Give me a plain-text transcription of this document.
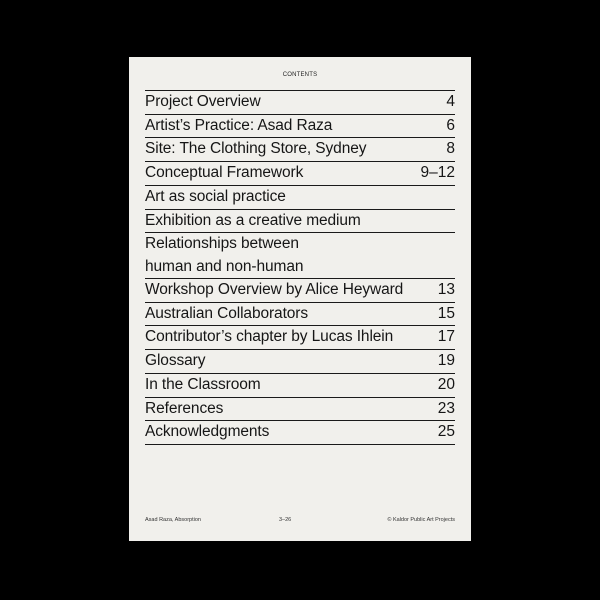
CONTENTS
Project Overview	4
Artist’s Practice: Asad Raza	6
Site: The Clothing Store, Sydney	8
Conceptual Framework	9–12
Art as social practice
Exhibition as a creative medium
Relationships between human and non-human
Workshop Overview by Alice Heyward	13
Australian Collaborators	15
Contributor’s chapter by Lucas Ihlein	17
Glossary	19
In the Classroom	20
References	23
Acknowledgments	25
Asad Raza, Absorption	3–26	© Kaldor Public Art Projects
